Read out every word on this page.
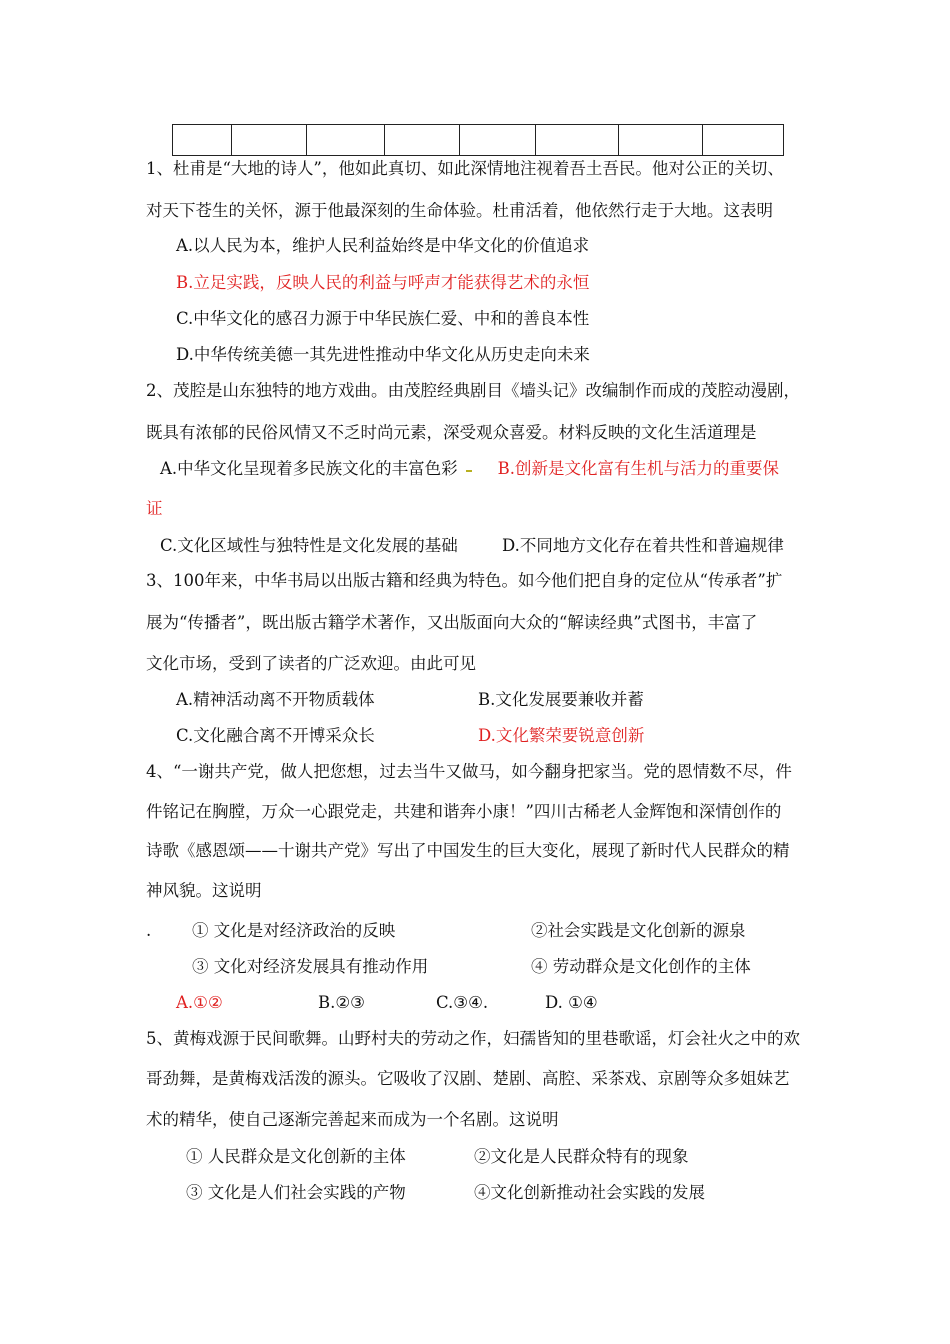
1、杜甫是“大地的诗人”，他如此真切、如此深情地注视着吾土吾民。他对公正的关切、
对天下苍生的关怀，源于他最深刻的生命体验。杜甫活着，他依然行走于大地。这表明
A.以人民为本，维护人民利益始终是中华文化的价值追求
B.立足实践，反映人民的利益与呼声才能获得艺术的永恒
C.中华文化的感召力源于中华民族仁爱、中和的善良本性
D.中华传统美德一其先进性推动中华文化从历史走向未来
2、茂腔是山东独特的地方戏曲。由茂腔经典剧目《墙头记》改编制作而成的茂腔动漫剧，
既具有浓郁的民俗风情又不乏时尚元素，深受观众喜爱。材料反映的文化生活道理是
A.中华文化呈现着多民族文化的丰富色彩 B.创新是文化富有生机与活力的重要保
证
C.文化区域性与独特性是文化发展的基础	D.不同地方文化存在着共性和普遍规律
3、100年来，中华书局以出版古籍和经典为特色。如今他们把自身的定位从“传承者”扩
展为“传播者”，既出版古籍学术著作，又出版面向大众的“解读经典”式图书，丰富了
文化市场，受到了读者的广泛欢迎。由此可见
A.精神活动离不开物质载体	B.文化发展要兼收并蓄
C.文化融合离不开博采众长	D.文化繁荣要锐意创新
4、“一谢共产党，做人把您想，过去当牛又做马，如今翻身把家当。党的恩情数不尽，件
件铭记在胸膛，万众一心跟党走，共建和谐奔小康！”四川古稀老人金辉饱和深情创作的
诗歌《感恩颂——十谢共产党》写出了中国发生的巨大变化，展现了新时代人民群众的精
神风貌。这说明
. ① 文化是对经济政治的反映	②社会实践是文化创新的源泉
③ 文化对经济发展具有推动作用	④ 劳动群众是文化创作的主体
A.①②	B.②③	C.③④.	D. ①④
5、黄梅戏源于民间歌舞。山野村夫的劳动之作，妇孺皆知的里巷歌谣，灯会社火之中的欢
哥劲舞，是黄梅戏活泼的源头。它吸收了汉剧、楚剧、高腔、采茶戏、京剧等众多姐妹艺
术的精华，使自己逐渐完善起来而成为一个名剧。这说明
① 人民群众是文化创新的主体	②文化是人民群众特有的现象
③ 文化是人们社会实践的产物	④文化创新推动社会实践的发展
